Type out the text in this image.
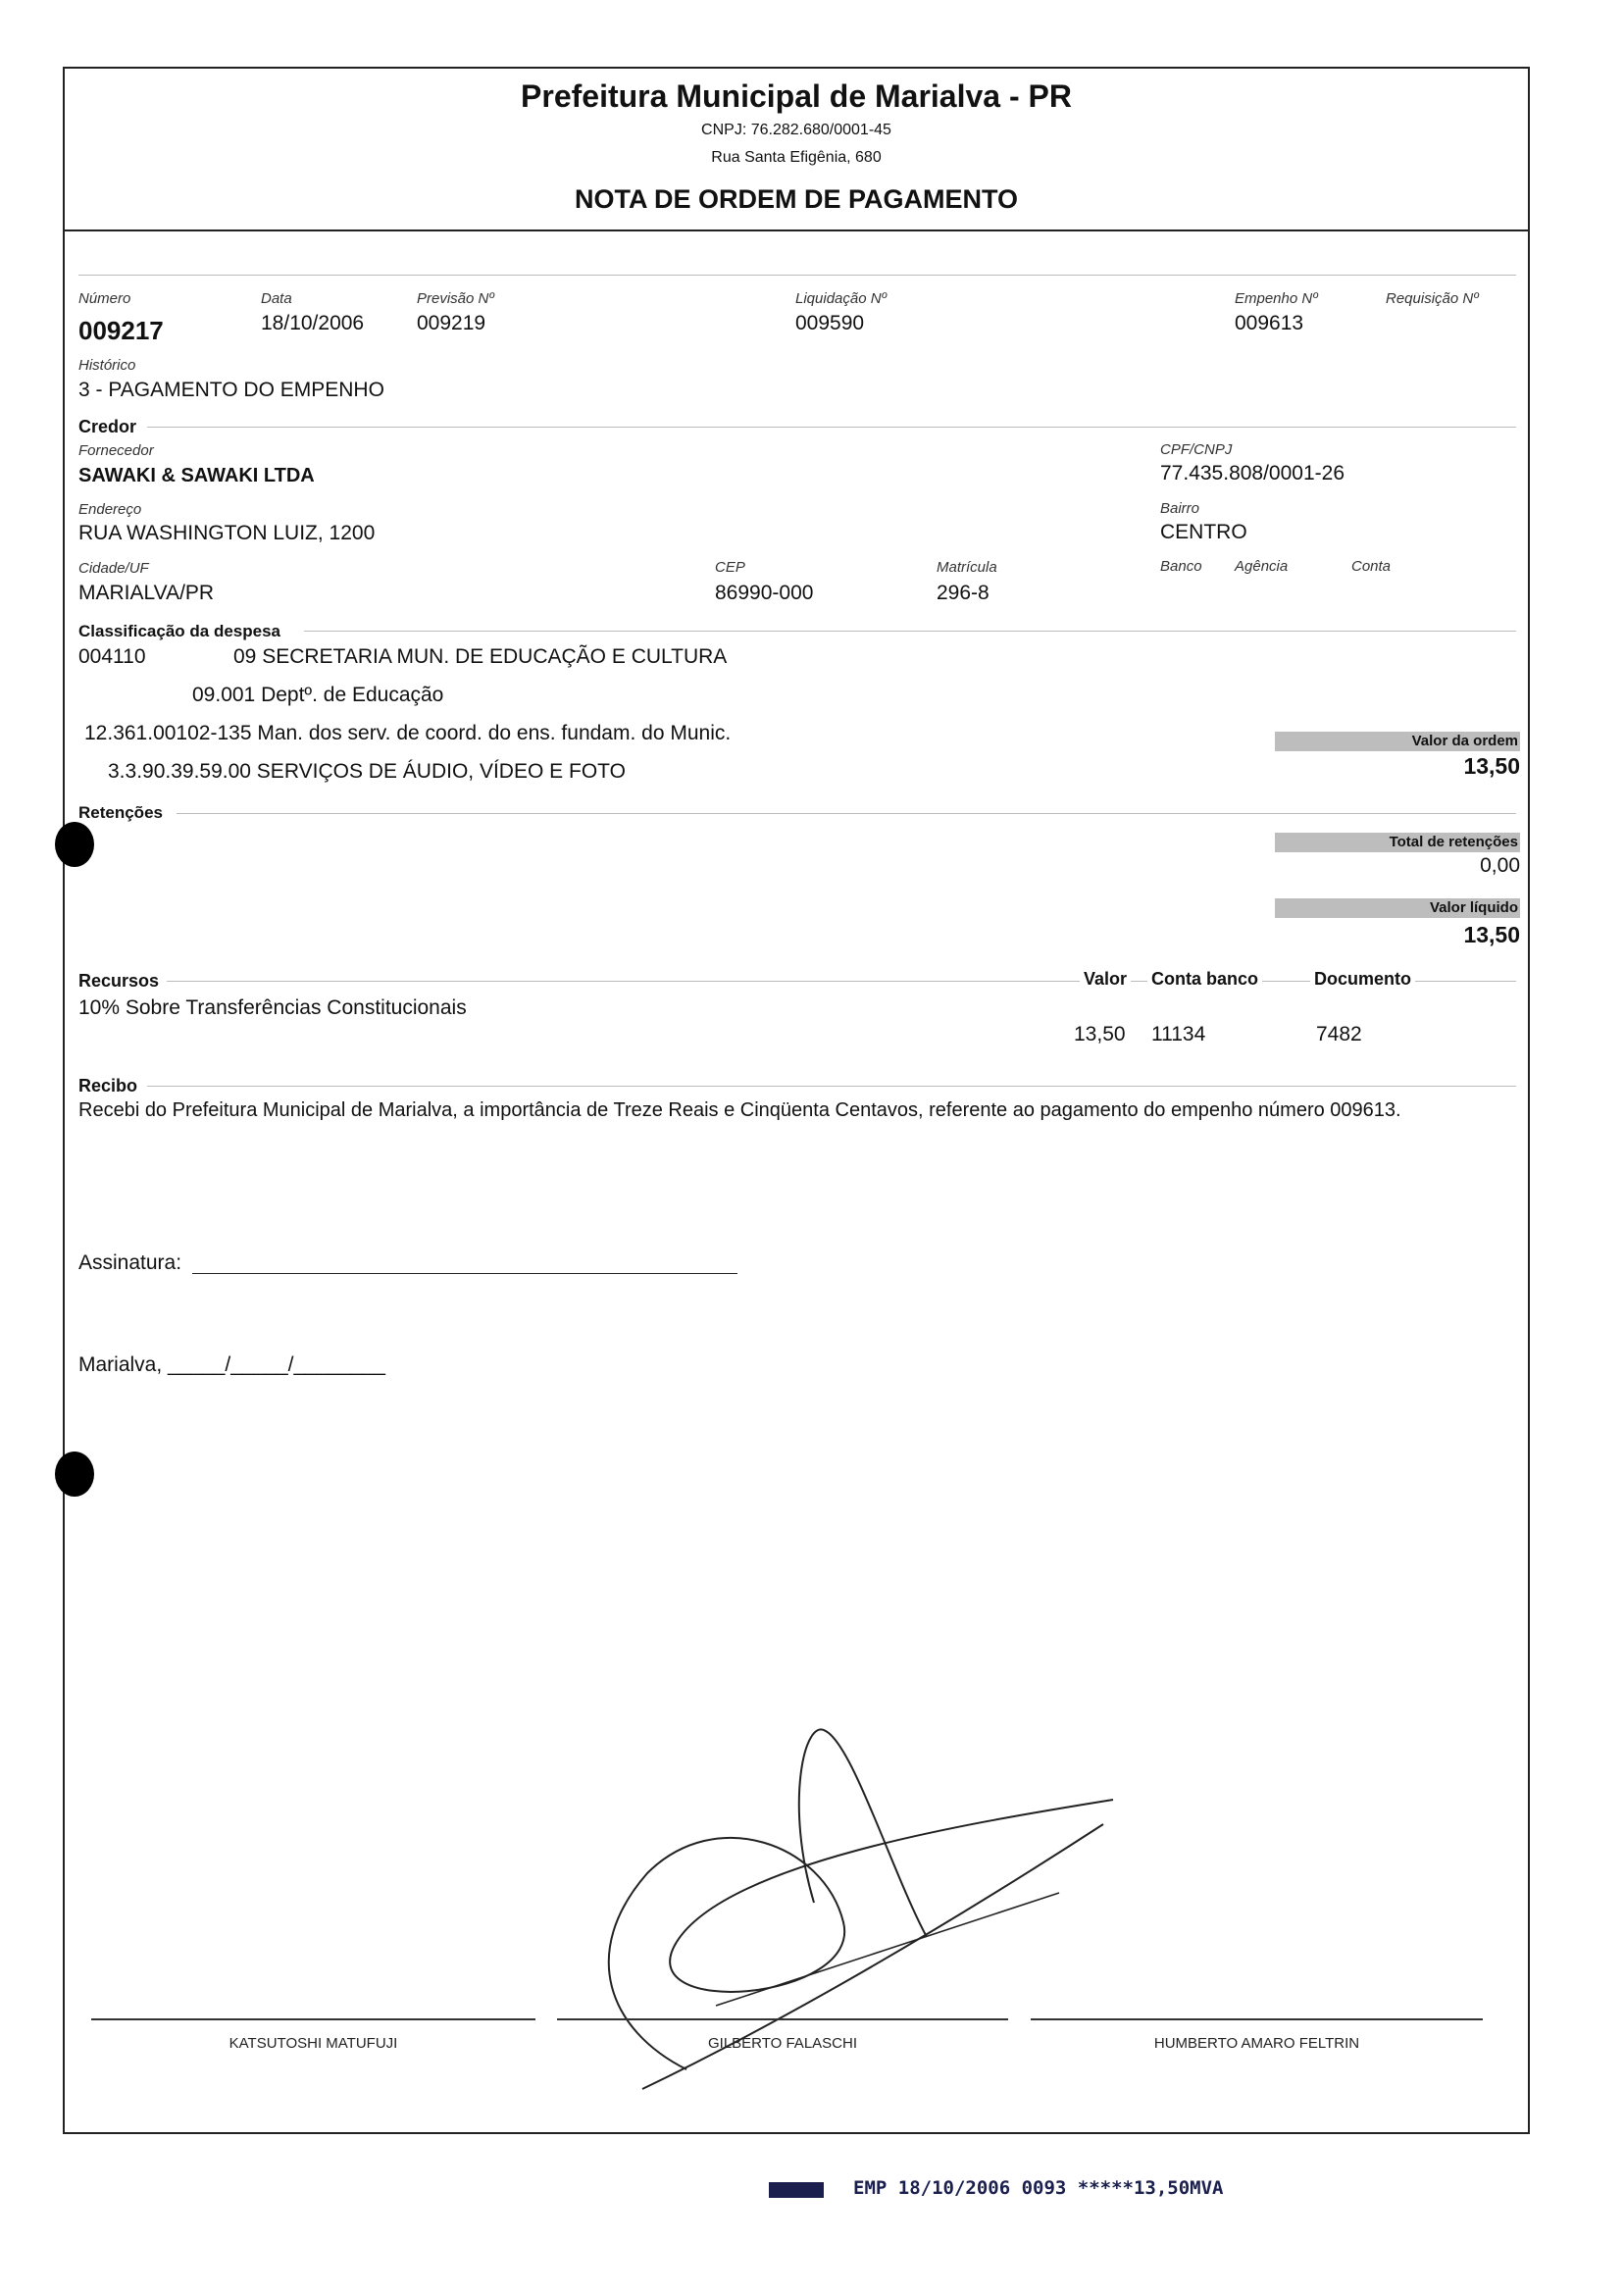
Prefeitura Municipal de Marialva - PR
CNPJ: 76.282.680/0001-45
Rua Santa Efigênia, 680
NOTA DE ORDEM DE PAGAMENTO
Número
009217
Data
18/10/2006
Previsão Nº
009219
Liquidação Nº
009590
Empenho Nº
009613
Requisição Nº
Histórico
3 - PAGAMENTO DO EMPENHO
Credor
Fornecedor
SAWAKI & SAWAKI LTDA
CPF/CNPJ
77.435.808/0001-26
Endereço
RUA WASHINGTON LUIZ, 1200
Bairro
CENTRO
Cidade/UF
MARIALVA/PR
CEP
86990-000
Matrícula
296-8
Banco Agência	Conta
Classificação da despesa
004110	09 SECRETARIA MUN. DE EDUCAÇÃO E CULTURA
09.001 Deptº. de Educação
12.361.00102-135 Man. dos serv. de coord. do ens. fundam. do Munic.
3.3.90.39.59.00 SERVIÇOS DE ÁUDIO, VÍDEO E FOTO
Valor da ordem
13,50
Retenções
Total de retenções
0,00
Valor líquido
13,50
Recursos	Valor Conta banco	Documento
10% Sobre Transferências Constitucionais
13,50 11134	7482
Recibo
Recebi do Prefeitura Municipal de Marialva, a importância de Treze Reais e Cinqüenta Centavos, referente ao pagamento do empenho número 009613.
Assinatura:
Marialva, _____/_____/________
KATSUTOSHI MATUFUJI	GILBERTO FALASCHI	HUMBERTO AMARO FELTRIN
EMP 18/10/2006 0093 *****13,50MVA
